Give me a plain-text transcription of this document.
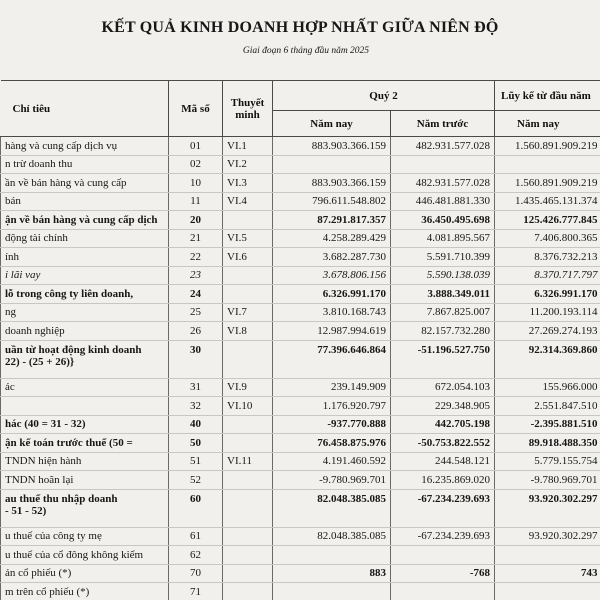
KẾT QUẢ KINH DOANH HỢP NHẤT GIỮA NIÊN ĐỘ
Giai đoạn 6 tháng đầu năm 2025
Chỉ tiêu	Mã số	Thuyết minh	Quý 2		Lũy kế từ đầu năm
			Năm nay	Năm trước	Năm nay

hàng và cung cấp dịch vụ	01	VI.1	883.903.366.159	482.931.577.028	1.560.891.909.219

n trừ doanh thu	02	VI.2			

ần về bán hàng và cung cấp	10	VI.3	883.903.366.159	482.931.577.028	1.560.891.909.219

bán	11	VI.4	796.611.548.802	446.481.881.330	1.435.465.131.374

ận về bán hàng và cung cấp dịch	20		87.291.817.357	36.450.495.698	125.426.777.845

động tài chính	21	VI.5	4.258.289.429	4.081.895.567	7.406.800.365

ính	22	VI.6	3.682.287.730	5.591.710.399	8.376.732.213

i lãi vay	23		3.678.806.156	5.590.138.039	8.370.717.797

lỗ trong công ty liên doanh,	24		6.326.991.170	3.888.349.011	6.326.991.170

ng	25	VI.7	3.810.168.743	7.867.825.007	11.200.193.114

doanh nghiệp	26	VI.8	12.987.994.619	82.157.732.280	27.269.274.193

uần từ hoạt động kinh doanh
22) - (25 + 26)}	30		77.396.646.864	-51.196.527.750	92.314.369.860

ác	31	VI.9	239.149.909	672.054.103	155.966.000

	32	VI.10	1.176.920.797	229.348.905	2.551.847.510

hác (40 = 31 - 32)	40		-937.770.888	442.705.198	-2.395.881.510

ận kế toán trước thuế (50 =	50		76.458.875.976	-50.753.822.552	89.918.488.350

TNDN hiện hành	51	VI.11	4.191.460.592	244.548.121	5.779.155.754

TNDN hoãn lại	52		-9.780.969.701	16.235.869.020	-9.780.969.701

au thuế thu nhập doanh
- 51 - 52)	60		82.048.385.085	-67.234.239.693	93.920.302.297

u thuế của công ty mẹ	61		82.048.385.085	-67.234.239.693	93.920.302.297

u thuế của cổ đông không kiểm	62				

ản cổ phiếu (*)	70		883	-768	743

m trên cổ phiếu (*)	71				
